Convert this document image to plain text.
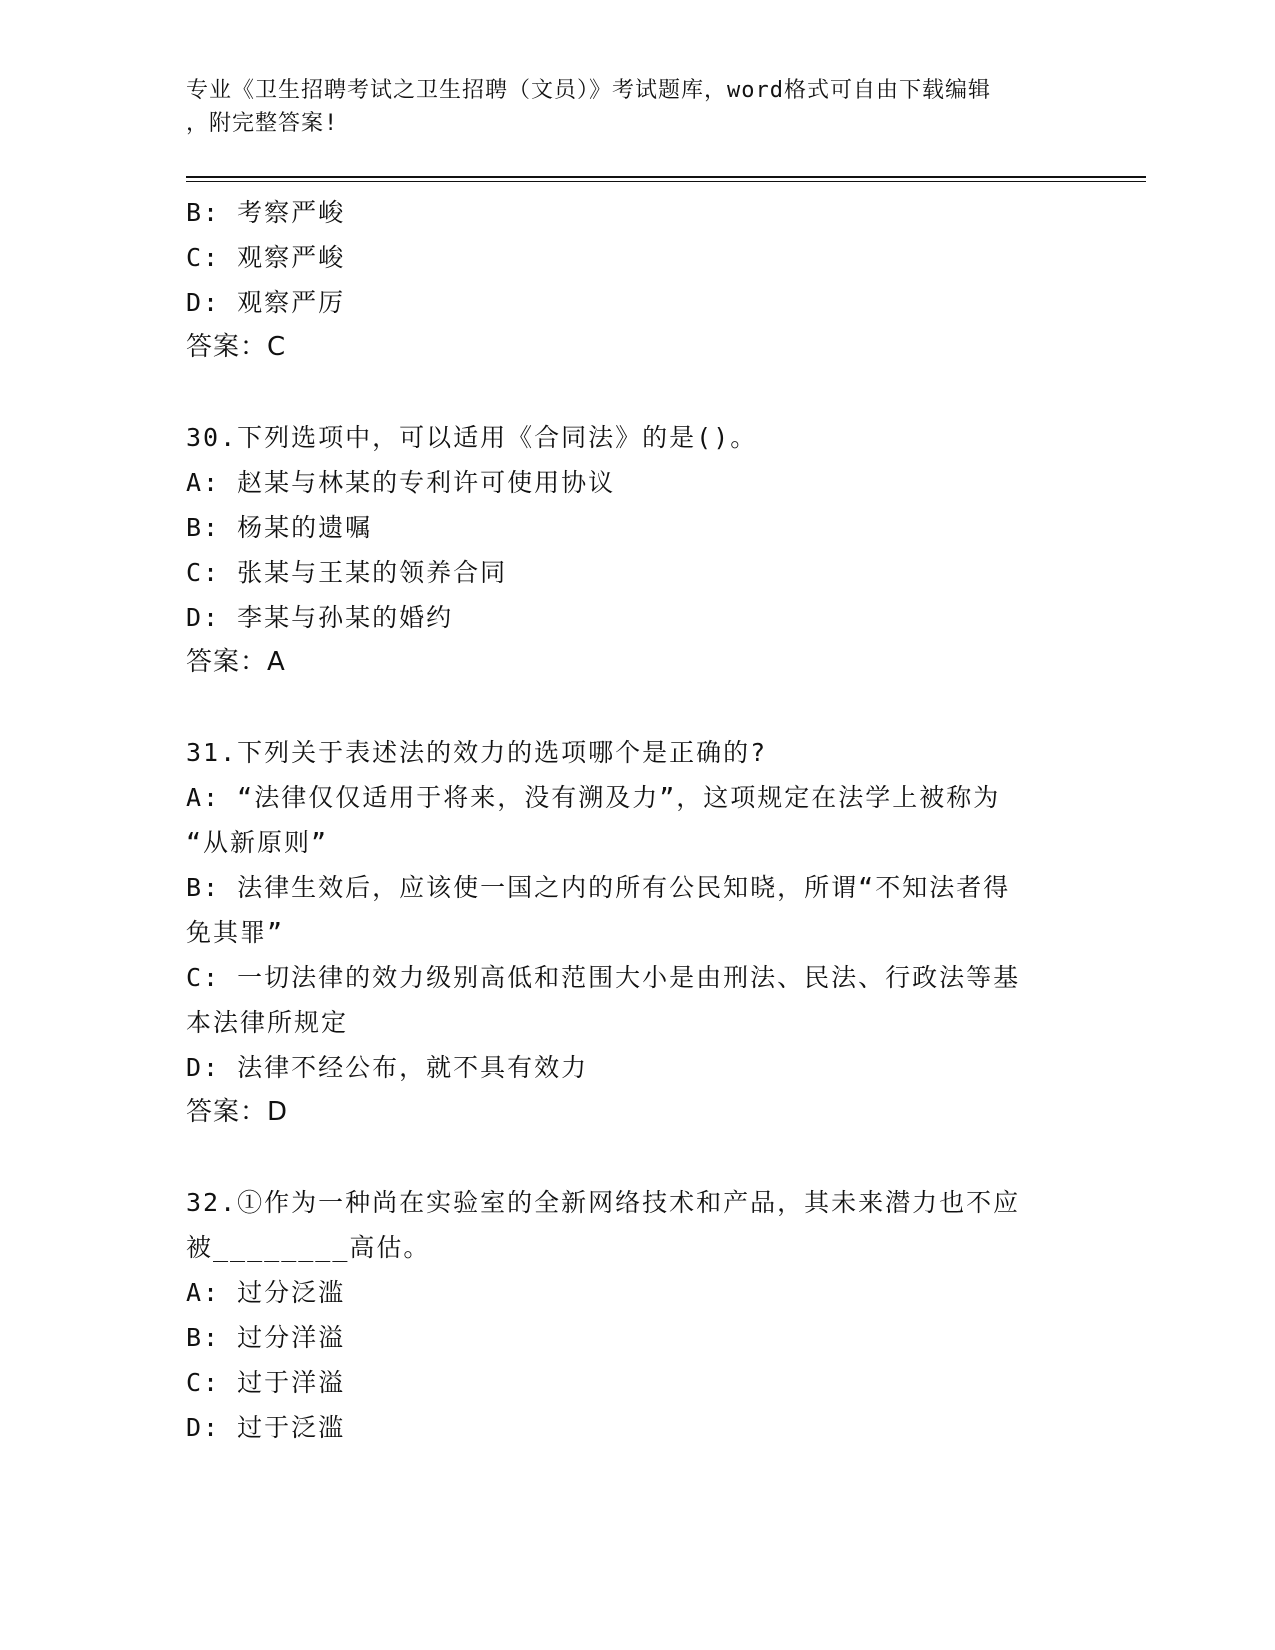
专业《卫生招聘考试之卫生招聘（文员）》考试题库，word格式可自由下载编辑
，附完整答案!
B: 考察严峻
C: 观察严峻
D: 观察严厉
答案：C
30.下列选项中，可以适用《合同法》的是()。
A: 赵某与林某的专利许可使用协议
B: 杨某的遗嘱
C: 张某与王某的领养合同
D: 李某与孙某的婚约
答案：A
31.下列关于表述法的效力的选项哪个是正确的?
A: “法律仅仅适用于将来，没有溯及力”，这项规定在法学上被称为
“从新原则”
B: 法律生效后，应该使一国之内的所有公民知晓，所谓“不知法者得
免其罪”
C: 一切法律的效力级别高低和范围大小是由刑法、民法、行政法等基
本法律所规定
D: 法律不经公布，就不具有效力
答案：D
32.①作为一种尚在实验室的全新网络技术和产品，其未来潜力也不应
被________高估。
A: 过分泛滥
B: 过分洋溢
C: 过于洋溢
D: 过于泛滥
